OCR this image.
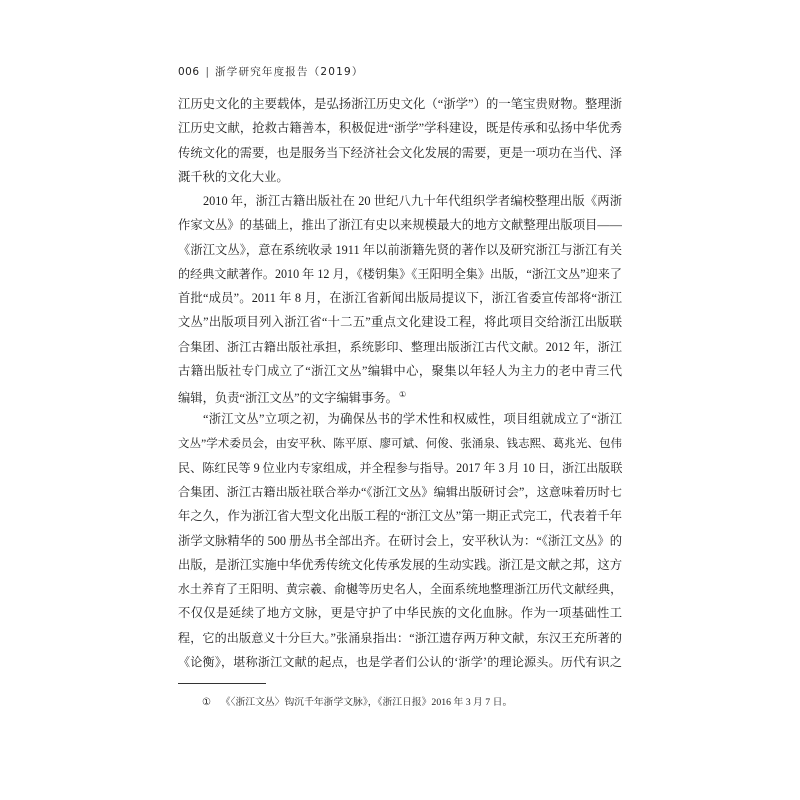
006 | 浙学研究年度报告（2019）
江历史文化的主要载体，是弘扬浙江历史文化（“浙学”）的一笔宝贵财物。整理浙
江历史文献，抢救古籍善本，积极促进“浙学”学科建设，既是传承和弘扬中华优秀
传统文化的需要，也是服务当下经济社会文化发展的需要，更是一项功在当代、泽
溉千秋的文化大业。
2010 年，浙江古籍出版社在 20 世纪八九十年代组织学者编校整理出版《两浙
作家文丛》的基础上，推出了浙江有史以来规模最大的地方文献整理出版项目——
《浙江文丛》，意在系统收录 1911 年以前浙籍先贤的著作以及研究浙江与浙江有关
的经典文献著作。2010 年 12 月，《楼钥集》《王阳明全集》出版，“浙江文丛”迎来了
首批“成员”。2011 年 8 月，在浙江省新闻出版局提议下，浙江省委宣传部将“浙江
文丛”出版项目列入浙江省“十二五”重点文化建设工程，将此项目交给浙江出版联
合集团、浙江古籍出版社承担，系统影印、整理出版浙江古代文献。2012 年，浙江
古籍出版社专门成立了“浙江文丛”编辑中心，聚集以年轻人为主力的老中青三代
编辑，负责“浙江文丛”的文字编辑事务。①
“浙江文丛”立项之初，为确保丛书的学术性和权威性，项目组就成立了“浙江
文丛”学术委员会，由安平秋、陈平原、廖可斌、何俊、张涌泉、钱志熙、葛兆光、包伟
民、陈红民等 9 位业内专家组成，并全程参与指导。2017 年 3 月 10 日，浙江出版联
合集团、浙江古籍出版社联合举办“《浙江文丛》编辑出版研讨会”，这意味着历时七
年之久，作为浙江省大型文化出版工程的“浙江文丛”第一期正式完工，代表着千年
浙学文脉精华的 500 册丛书全部出齐。在研讨会上，安平秋认为：“《浙江文丛》的
出版，是浙江实施中华优秀传统文化传承发展的生动实践。浙江是文献之邦，这方
水土养育了王阳明、黄宗羲、俞樾等历史名人，全面系统地整理浙江历代文献经典，
不仅仅是延续了地方文脉，更是守护了中华民族的文化血脉。作为一项基础性工
程，它的出版意义十分巨大。”张涌泉指出：“浙江遗存两万种文献，东汉王充所著的
《论衡》，堪称浙江文献的起点，也是学者们公认的‘浙学’的理论源头。历代有识之
① 《〈浙江文丛〉钩沉千年浙学文脉》，《浙江日报》2016 年 3 月 7 日。
